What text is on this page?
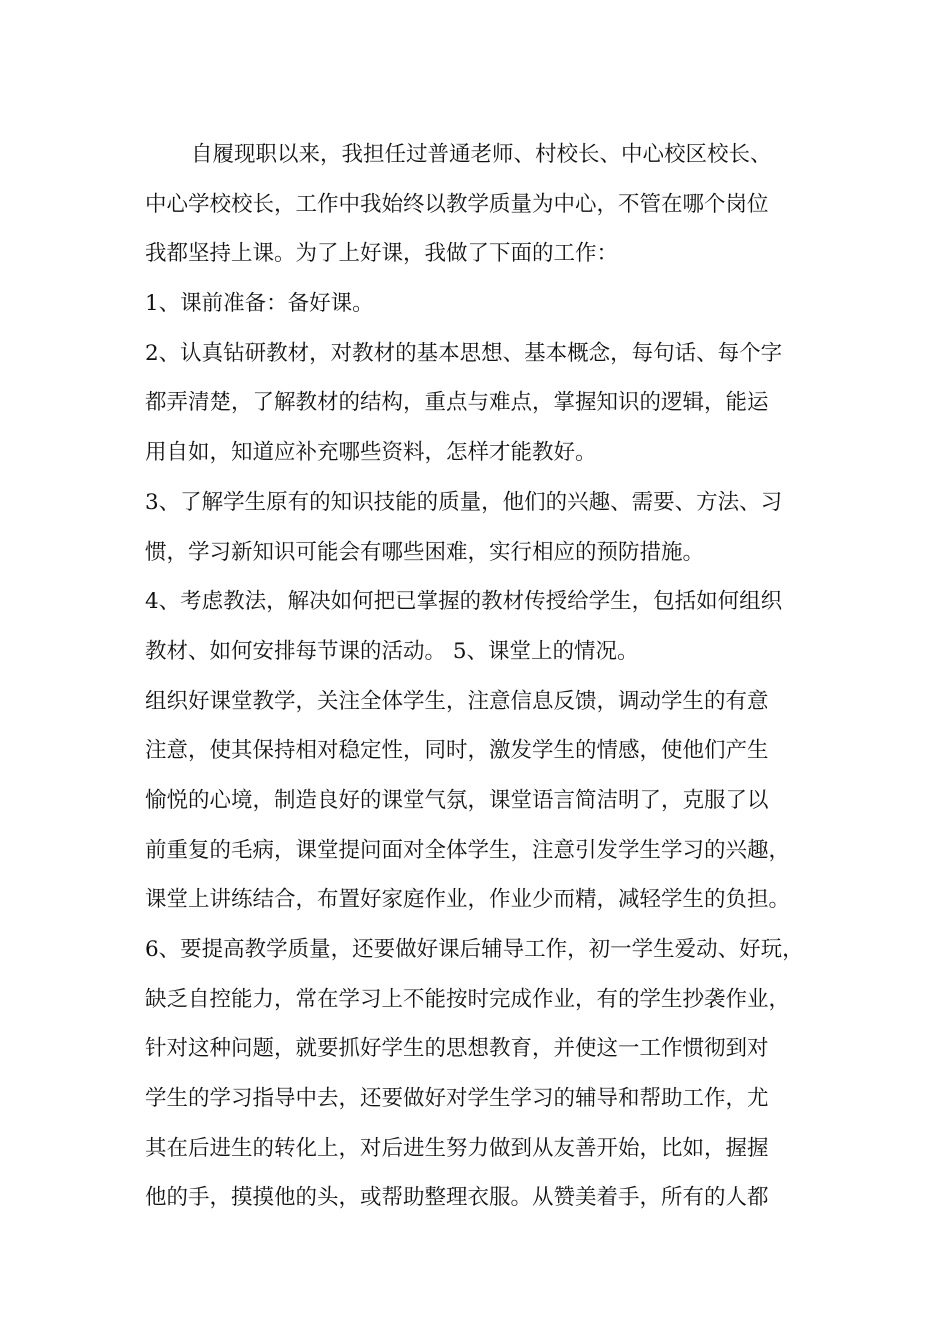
自履现职以来，我担任过普通老师、村校长、中心校区校长、
中心学校校长，工作中我始终以教学质量为中心，不管在哪个岗位
我都坚持上课。为了上好课，我做了下面的工作：
1、课前准备：备好课。
2、认真钻研教材，对教材的基本思想、基本概念，每句话、每个字
都弄清楚，了解教材的结构，重点与难点，掌握知识的逻辑，能运
用自如，知道应补充哪些资料，怎样才能教好。
3、了解学生原有的知识技能的质量，他们的兴趣、需要、方法、习
惯，学习新知识可能会有哪些困难，实行相应的预防措施。
4、考虑教法，解决如何把已掌握的教材传授给学生，包括如何组织
教材、如何安排每节课的活动。 5、课堂上的情况。
组织好课堂教学，关注全体学生，注意信息反馈，调动学生的有意
注意，使其保持相对稳定性，同时，激发学生的情感，使他们产生
愉悦的心境，制造良好的课堂气氛，课堂语言简洁明了，克服了以
前重复的毛病，课堂提问面对全体学生，注意引发学生学习的兴趣，
课堂上讲练结合，布置好家庭作业，作业少而精，减轻学生的负担。
6、要提高教学质量，还要做好课后辅导工作，初一学生爱动、好玩，
缺乏自控能力，常在学习上不能按时完成作业，有的学生抄袭作业，
针对这种问题，就要抓好学生的思想教育，并使这一工作惯彻到对
学生的学习指导中去，还要做好对学生学习的辅导和帮助工作，尤
其在后进生的转化上，对后进生努力做到从友善开始，比如，握握
他的手，摸摸他的头，或帮助整理衣服。从赞美着手，所有的人都
